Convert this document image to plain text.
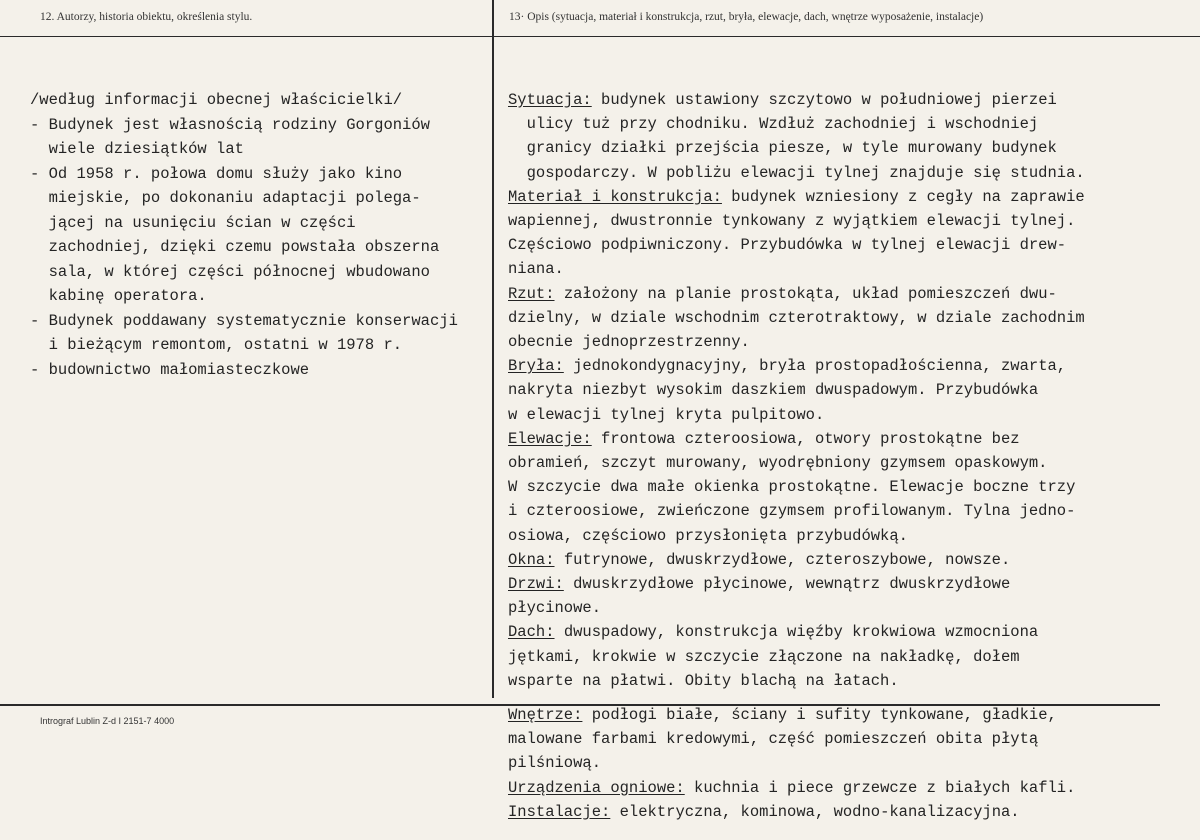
12. Autorzy, historia obiektu, określenia stylu.	13· Opis (sytuacja, materiał i konstrukcja, rzut, bryła, elewacje, dach, wnętrze wyposażenie, instalacje)
Intrograf Lublin Z-d I 2151-7 4000
/według informacji obecnej właścicielki/
- Budynek jest własnością rodziny Gorgoniów
wiele dziesiątków lat
- Od 1958 r. połowa domu służy jako kino
miejskie, po dokonaniu adaptacji polega-
jącej na usunięciu ścian w części
zachodniej, dzięki czemu powstała obszerna
sala, w której części północnej wbudowano
kabinę operatora.
- Budynek poddawany systematycznie konserwacji
i bieżącym remontom, ostatni w 1978 r.
- budownictwo małomiasteczkowe
Sytuacja: budynek ustawiony szczytowo w południowej pierzei
ulicy tuż przy chodniku. Wzdłuż zachodniej i wschodniej
granicy działki przejścia piesze, w tyle murowany budynek
gospodarczy. W pobliżu elewacji tylnej znajduje się studnia.
Materiał i konstrukcja: budynek wzniesiony z cegły na zaprawie
wapiennej, dwustronnie tynkowany z wyjątkiem elewacji tylnej.
Częściowo podpiwniczony. Przybudówka w tylnej elewacji drew-
niana.
Rzut: założony na planie prostokąta, układ pomieszczeń dwu-
dzielny, w dziale wschodnim czterotraktowy, w dziale zachodnim
obecnie jednoprzestrzenny.
Bryła: jednokondygnacyjny, bryła prostopadłościenna, zwarta,
nakryta niezbyt wysokim daszkiem dwuspadowym. Przybudówka
w elewacji tylnej kryta pulpitowo.
Elewacje: frontowa czteroosiowa, otwory prostokątne bez
obramień, szczyt murowany, wyodrębniony gzymsem opaskowym.
W szczycie dwa małe okienka prostokątne. Elewacje boczne trzy
i czteroosiowe, zwieńczone gzymsem profilowanym. Tylna jedno-
osiowa, częściowo przysłonięta przybudówką.
Okna: futrynowe, dwuskrzydłowe, czteroszybowe, nowsze.
Drzwi: dwuskrzydłowe płycinowe, wewnątrz dwuskrzydłowe
płycinowe.
Dach: dwuspadowy, konstrukcja więźby krokwiowa wzmocniona
jętkami, krokwie w szczycie złączone na nakładkę, dołem
wsparte na płatwi. Obity blachą na łatach.
Wnętrze: podłogi białe, ściany i sufity tynkowane, gładkie,
malowane farbami kredowymi, część pomieszczeń obita płytą
pilśniową.
Urządzenia ogniowe: kuchnia i piece grzewcze z białych kafli.
Instalacje: elektryczna, kominowa, wodno-kanalizacyjna.
